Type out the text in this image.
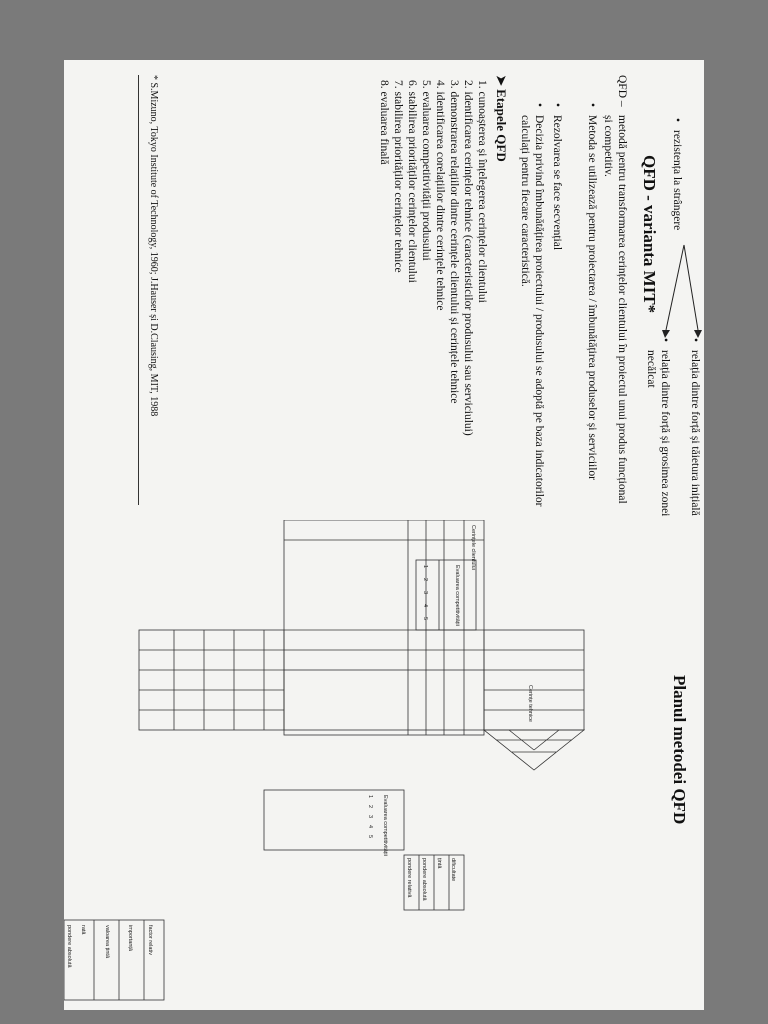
QFD - varianta MIT*
• rezistența la strângere
• relația dintre forță și tăietura inițială
• relația dintre forță și grosimea zonei necălcat
QFD –
metodă pentru transformarea cerințelor clientului în proiectul unui produs funcțional și competitiv.
• Metoda se utilizează pentru proiectarea / îmbunătățirea produselor și serviciilor
• Rezolvarea se face secvențial
• Decizia privind îmbunătățirea proiectului / produsului se adoptă pe baza indicatorilor calculați pentru fiecare caracteristică.
➤ Etapele QFD
1. cunoașterea și înțelegerea cerințelor clientului
2. identificarea cerințelor tehnice (caracteristicilor produsului sau serviciului)
3. demonstrarea relațiilor dintre cerințele clientului și cerințele tehnice
4. identificarea corelațiilor dintre cerințele tehnice
5. evaluarea competitivității produsului
6. stabilirea priorităților cerințelor clientului
7. stabilirea priorităților cerințelor tehnice
8. evaluarea finală
* S.Mizuno, Tokyo Institute of Technology, 1960; J.Hauser și D.Clausing, MIT, 1988
Planul metodei QFD
Cerințele clientului
Cerințe tehnice
Evaluarea competitivității
Evaluarea competitivității
dificultate
țintă
pondere absolută
pondere relativă
factor relativ
importanță
valoarea țintă
rată
pondere absolută
1
2
3
4
5
1
2
3
4
5
